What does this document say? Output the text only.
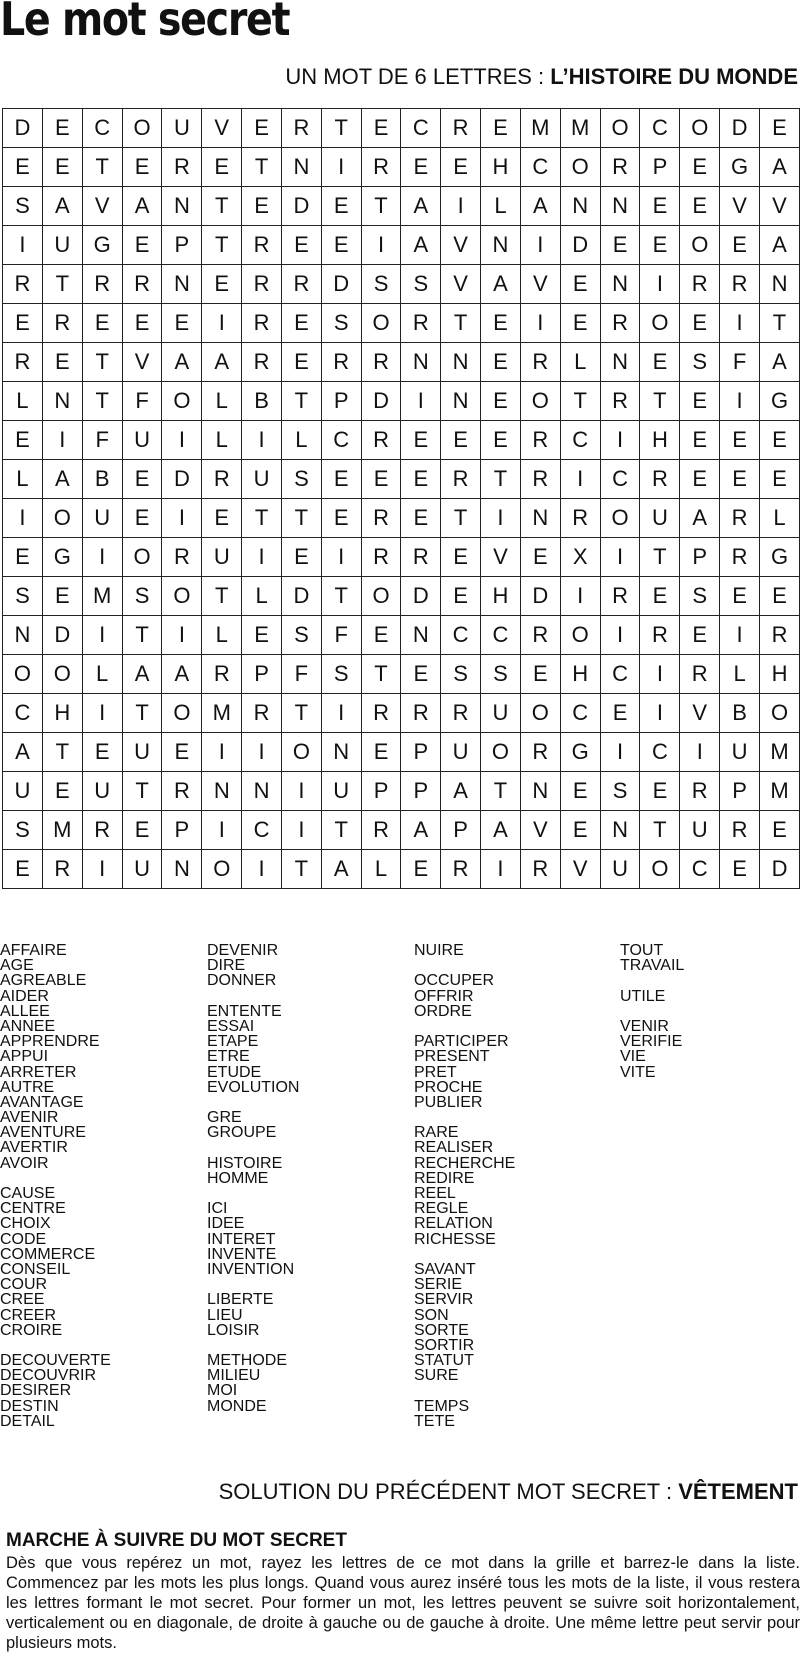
Le mot secret
UN MOT DE 6 LETTRES : L’HISTOIRE DU MONDE
D	E	C	O	U	V	E	R	T	E	C	R	E	M	M	O	C	O	D	E
E	E	T	E	R	E	T	N	I	R	E	E	H	C	O	R	P	E	G	A
S	A	V	A	N	T	E	D	E	T	A	I	L	A	N	N	E	E	V	V
I	U	G	E	P	T	R	E	E	I	A	V	N	I	D	E	E	O	E	A
R	T	R	R	N	E	R	R	D	S	S	V	A	V	E	N	I	R	R	N
E	R	E	E	E	I	R	E	S	O	R	T	E	I	E	R	O	E	I	T
R	E	T	V	A	A	R	E	R	R	N	N	E	R	L	N	E	S	F	A
L	N	T	F	O	L	B	T	P	D	I	N	E	O	T	R	T	E	I	G
E	I	F	U	I	L	I	L	C	R	E	E	E	R	C	I	H	E	E	E
L	A	B	E	D	R	U	S	E	E	E	R	T	R	I	C	R	E	E	E
I	O	U	E	I	E	T	T	E	R	E	T	I	N	R	O	U	A	R	L
E	G	I	O	R	U	I	E	I	R	R	E	V	E	X	I	T	P	R	G
S	E	M	S	O	T	L	D	T	O	D	E	H	D	I	R	E	S	E	E
N	D	I	T	I	L	E	S	F	E	N	C	C	R	O	I	R	E	I	R
O	O	L	A	A	R	P	F	S	T	E	S	S	E	H	C	I	R	L	H
C	H	I	T	O	M	R	T	I	R	R	R	U	O	C	E	I	V	B	O
A	T	E	U	E	I	I	O	N	E	P	U	O	R	G	I	C	I	U	M
U	E	U	T	R	N	N	I	U	P	P	A	T	N	E	S	E	R	P	M
S	M	R	E	P	I	C	I	T	R	A	P	A	V	E	N	T	U	R	E
E	R	I	U	N	O	I	T	A	L	E	R	I	R	V	U	O	C	E	D
AFFAIRE
AGE
AGREABLE
AIDER
ALLEE
ANNEE
APPRENDRE
APPUI
ARRETER
AUTRE
AVANTAGE
AVENIR
AVENTURE
AVERTIR
AVOIR
CAUSE
CENTRE
CHOIX
CODE
COMMERCE
CONSEIL
COUR
CREE
CREER
CROIRE
DECOUVERTE
DECOUVRIR
DESIRER
DESTIN
DETAIL
DEVENIR
DIRE
DONNER
ENTENTE
ESSAI
ETAPE
ETRE
ETUDE
EVOLUTION
GRE
GROUPE
HISTOIRE
HOMME
ICI
IDEE
INTERET
INVENTE
INVENTION
LIBERTE
LIEU
LOISIR
METHODE
MILIEU
MOI
MONDE
NUIRE
OCCUPER
OFFRIR
ORDRE
PARTICIPER
PRESENT
PRET
PROCHE
PUBLIER
RARE
REALISER
RECHERCHE
REDIRE
REEL
REGLE
RELATION
RICHESSE
SAVANT
SERIE
SERVIR
SON
SORTE
SORTIR
STATUT
SURE
TEMPS
TETE
TOUT
TRAVAIL
UTILE
VENIR
VERIFIE
VIE
VITE
SOLUTION DU PRÉCÉDENT MOT SECRET : VÊTEMENT
MARCHE À SUIVRE DU MOT SECRET
Dès que vous repérez un mot, rayez les lettres de ce mot dans la grille et barrez-le dans la liste. Commencez par les mots les plus longs. Quand vous aurez inséré tous les mots de la liste, il vous restera les lettres formant le mot secret. Pour former un mot, les lettres peuvent se suivre soit horizontalement, verticalement ou en diagonale, de droite à gauche ou de gauche à droite. Une même lettre peut servir pour plusieurs mots.
